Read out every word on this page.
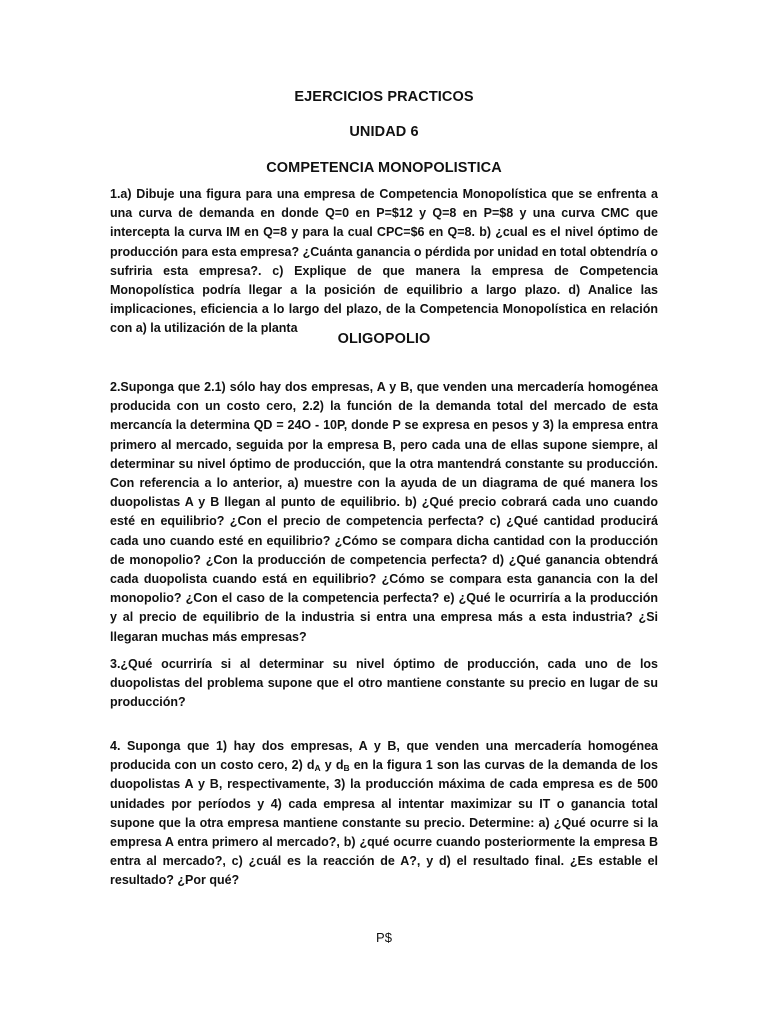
EJERCICIOS PRACTICOS
UNIDAD 6
COMPETENCIA MONOPOLISTICA
1.a) Dibuje una figura para una empresa de Competencia Monopolística que se enfrenta a una curva de demanda en donde Q=0 en P=$12 y Q=8 en P=$8 y una curva CMC que intercepta la curva IM en Q=8 y para la cual CPC=$6 en Q=8. b) ¿cual es el nivel óptimo de producción para esta empresa? ¿Cuánta ganancia o pérdida por unidad en total obtendría o sufriria esta empresa?. c) Explique de que manera la empresa de Competencia Monopolística podría llegar a la posición de equilibrio a largo plazo. d) Analice las implicaciones, eficiencia a lo largo del plazo, de la Competencia Monopolística en relación con a) la utilización de la planta
OLIGOPOLIO
2.Suponga que 2.1) sólo hay dos empresas, A y B, que venden una mercadería homogénea producida con un costo cero, 2.2) la función de la demanda total del mercado de esta mercancía la determina QD = 24O - 10P, donde P se expresa en pesos y 3) la empresa entra primero al mercado, seguida por la empresa B, pero cada una de ellas supone siempre, al determinar su nivel óptimo de producción, que la otra mantendrá constante su producción. Con referencia a lo anterior, a) muestre con la ayuda de un diagrama de qué manera los duopolistas A y B llegan al punto de equilibrio. b) ¿Qué precio cobrará cada uno cuando esté en equilibrio? ¿Con el precio de competencia perfecta? c) ¿Qué cantidad producirá cada uno cuando esté en equilibrio? ¿Cómo se compara dicha cantidad con la producción de monopolio? ¿Con la producción de competencia perfecta? d) ¿Qué ganancia obtendrá cada duopolista cuando está en equilibrio? ¿Cómo se compara esta ganancia con la del monopolio? ¿Con el caso de la competencia perfecta? e) ¿Qué le ocurriría a la producción y al precio de equilibrio de la industria si entra una empresa más a esta industria? ¿Si llegaran muchas más empresas?
3.¿Qué ocurriría si al determinar su nivel óptimo de producción, cada uno de los duopolistas del problema supone que el otro mantiene constante su precio en lugar de su producción?
4. Suponga que 1) hay dos empresas, A y B, que venden una mercadería homogénea producida con un costo cero, 2) $d_A$ y $d_B$ en la figura 1 son las curvas de la demanda de los duopolistas A y B, respectivamente, 3) la producción máxima de cada empresa es de 500 unidades por períodos y 4) cada empresa al intentar maximizar su IT o ganancia total supone que la otra empresa mantiene constante su precio. Determine: a) ¿Qué ocurre si la empresa A entra primero al mercado?, b) ¿qué ocurre cuando posteriormente la empresa B entra al mercado?, c) ¿cuál es la reacción de A?, y d) el resultado final. ¿Es estable el resultado? ¿Por qué?
P$
